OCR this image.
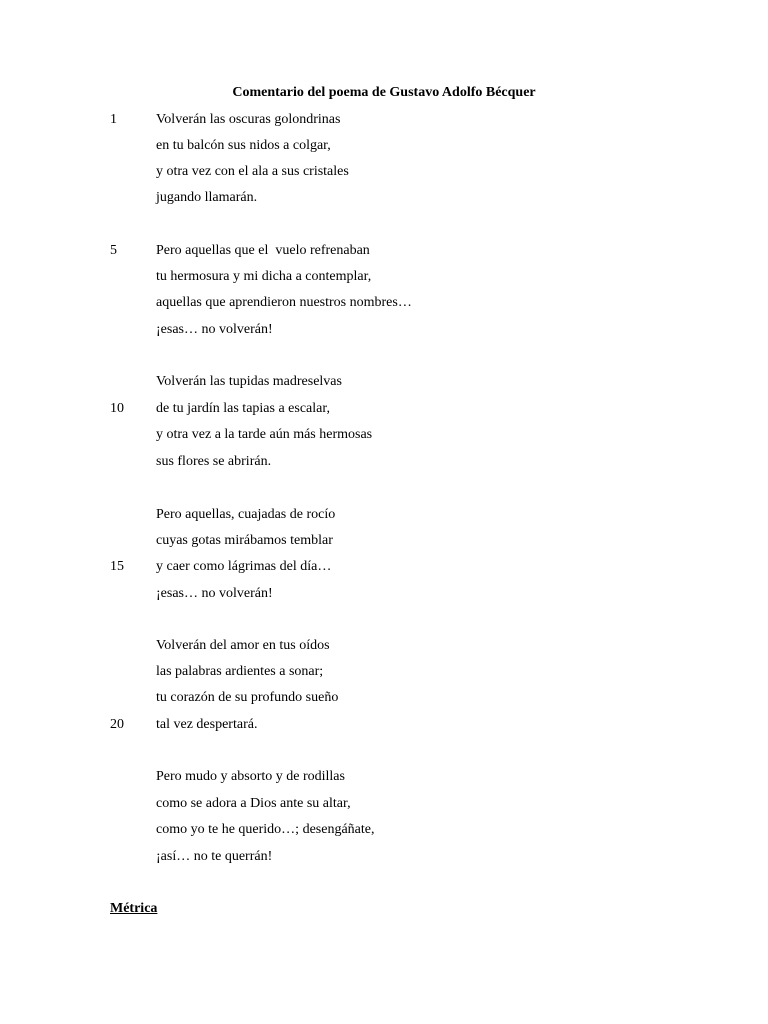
Comentario del poema de Gustavo Adolfo Bécquer
1	Volverán las oscuras golondrinas
en tu balcón sus nidos a colgar,
y otra vez con el ala a sus cristales
jugando llamarán.
5	Pero aquellas que el  vuelo refrenaban
tu hermosura y mi dicha a contemplar,
aquellas que aprendieron nuestros nombres…
¡esas… no volverán!
Volverán las tupidas madreselvas
10 de tu jardín las tapias a escalar,
y otra vez a la tarde aún más hermosas
sus flores se abrirán.
Pero aquellas, cuajadas de rocío
cuyas gotas mirábamos temblar
15 y caer como lágrimas del día…
¡esas… no volverán!
Volverán del amor en tus oídos
las palabras ardientes a sonar;
tu corazón de su profundo sueño
20 tal vez despertará.
Pero mudo y absorto y de rodillas
como se adora a Dios ante su altar,
como yo te he querido…; desengáñate,
¡así… no te querrán!
Métrica
